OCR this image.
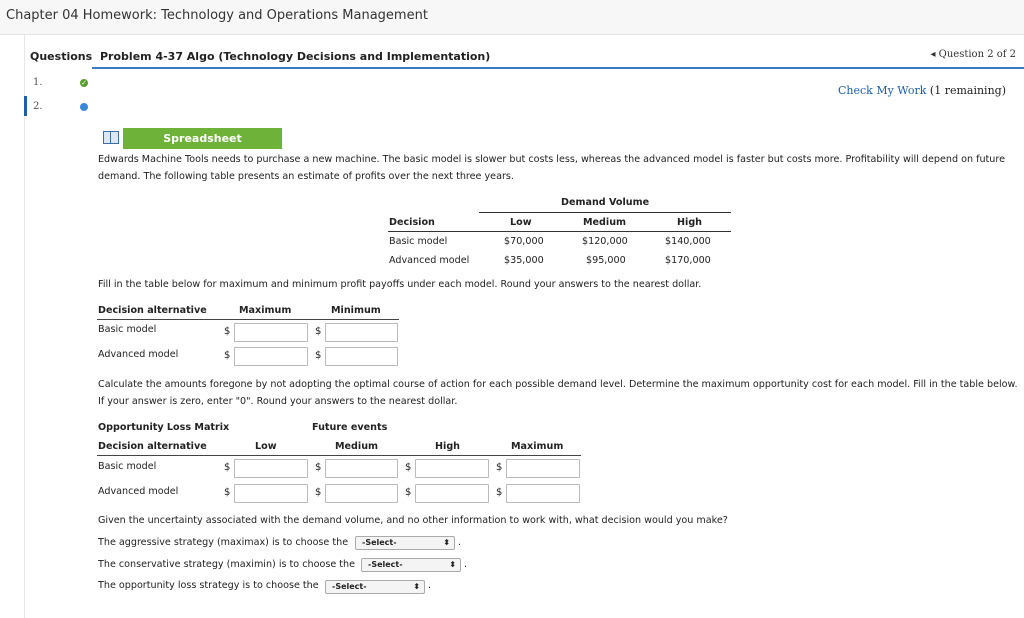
Chapter 04 Homework: Technology and Operations Management
Questions
1.	✓
2.
Problem 4-37 Algo (Technology Decisions and Implementation)	◂ Question 2 of 2
Check My Work (1 remaining)
Spreadsheet
Edwards Machine Tools needs to purchase a new machine. The basic model is slower but costs less, whereas the advanced model is faster but costs more. Profitability will depend on future demand. The following table presents an estimate of profits over the next three years.
Demand Volume
Decision	Low	Medium	High
Basic model	$70,000	$120,000	$140,000
Advanced model	$35,000	$95,000	$170,000
Fill in the table below for maximum and minimum profit payoffs under each model. Round your answers to the nearest dollar.
Decision alternative	Maximum	Minimum
Basic model	$	$
Advanced model	$	$
Calculate the amounts foregone by not adopting the optimal course of action for each possible demand level. Determine the maximum opportunity cost for each model. Fill in the table below. If your answer is zero, enter "0". Round your answers to the nearest dollar.
Opportunity Loss Matrix	Future events
Decision alternative	Low	Medium	High	Maximum
Basic model	$	$	$	$
Advanced model	$	$	$	$
Given the uncertainty associated with the demand volume, and no other information to work with, what decision would you make?
The aggressive strategy (maximax) is to choose the	-Select-	⬍ .
The conservative strategy (maximin) is to choose the	-Select-	⬍ .
The opportunity loss strategy is to choose the	-Select-	⬍ .
